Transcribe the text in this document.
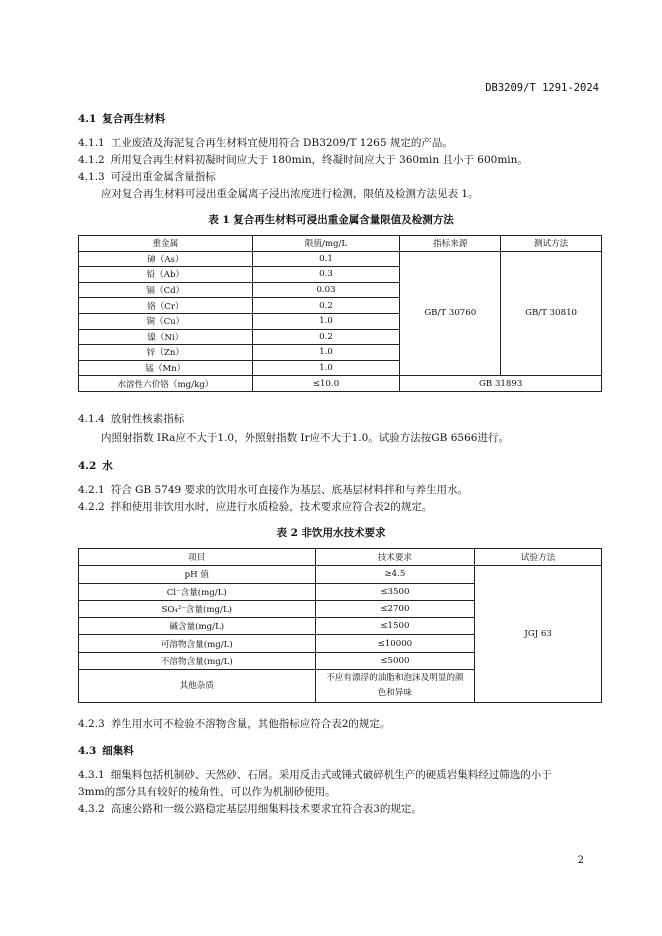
DB3209/T 1291-2024
4.1 复合再生材料
4.1.1 工业废渣及海泥复合再生材料宜使用符合 DB3209/T 1265 规定的产品。
4.1.2 所用复合再生材料初凝时间应大于 180min，终凝时间应大于 360min 且小于 600min。
4.1.3 可浸出重金属含量指标
应对复合再生材料可浸出重金属离子浸出浓度进行检测，限值及检测方法见表 1。
表 1 复合再生材料可浸出重金属含量限值及检测方法
重金属	限值/mg/L	指标来源	测试方法
砷（As）	0.1	GB/T 30760	GB/T 30810
铅（Ab）	0.3		
镉（Cd）	0.03		
铬（Cr）	0.2		
铜（Cu）	1.0		
镍（Ni）	0.2		
锌（Zn）	1.0		
锰（Mn）	1.0		
水溶性六价铬（mg/kg）	≤10.0	GB 31893	
4.1.4 放射性核素指标
内照射指数 IRa应不大于1.0，外照射指数 Ir应不大于1.0。试验方法按GB 6566进行。
4.2 水
4.2.1 符合 GB 5749 要求的饮用水可直接作为基层、底基层材料拌和与养生用水。
4.2.2 拌和使用非饮用水时，应进行水质检验，技术要求应符合表2的规定。
表 2 非饮用水技术要求
项目	技术要求	试验方法
pH 值	≥4.5	JGJ 63
Cl⁻含量(mg/L)	≤3500	
SO₄²⁻含量(mg/L)	≤2700	
碱含量(mg/L)	≤1500	
可溶物含量(mg/L)	≤10000	
不溶物含量(mg/L)	≤5000	
其他杂质	不应有漂浮的油脂和泡沫及明显的颜色和异味	
4.2.3 养生用水可不检验不溶物含量，其他指标应符合表2的规定。
4.3 细集料
4.3.1 细集料包括机制砂、天然砂、石屑。采用反击式或锤式破碎机生产的硬质岩集料经过筛选的小于
3mm的部分具有较好的棱角性，可以作为机制砂使用。
4.3.2 高速公路和一级公路稳定基层用细集料技术要求宜符合表3的规定。
2
